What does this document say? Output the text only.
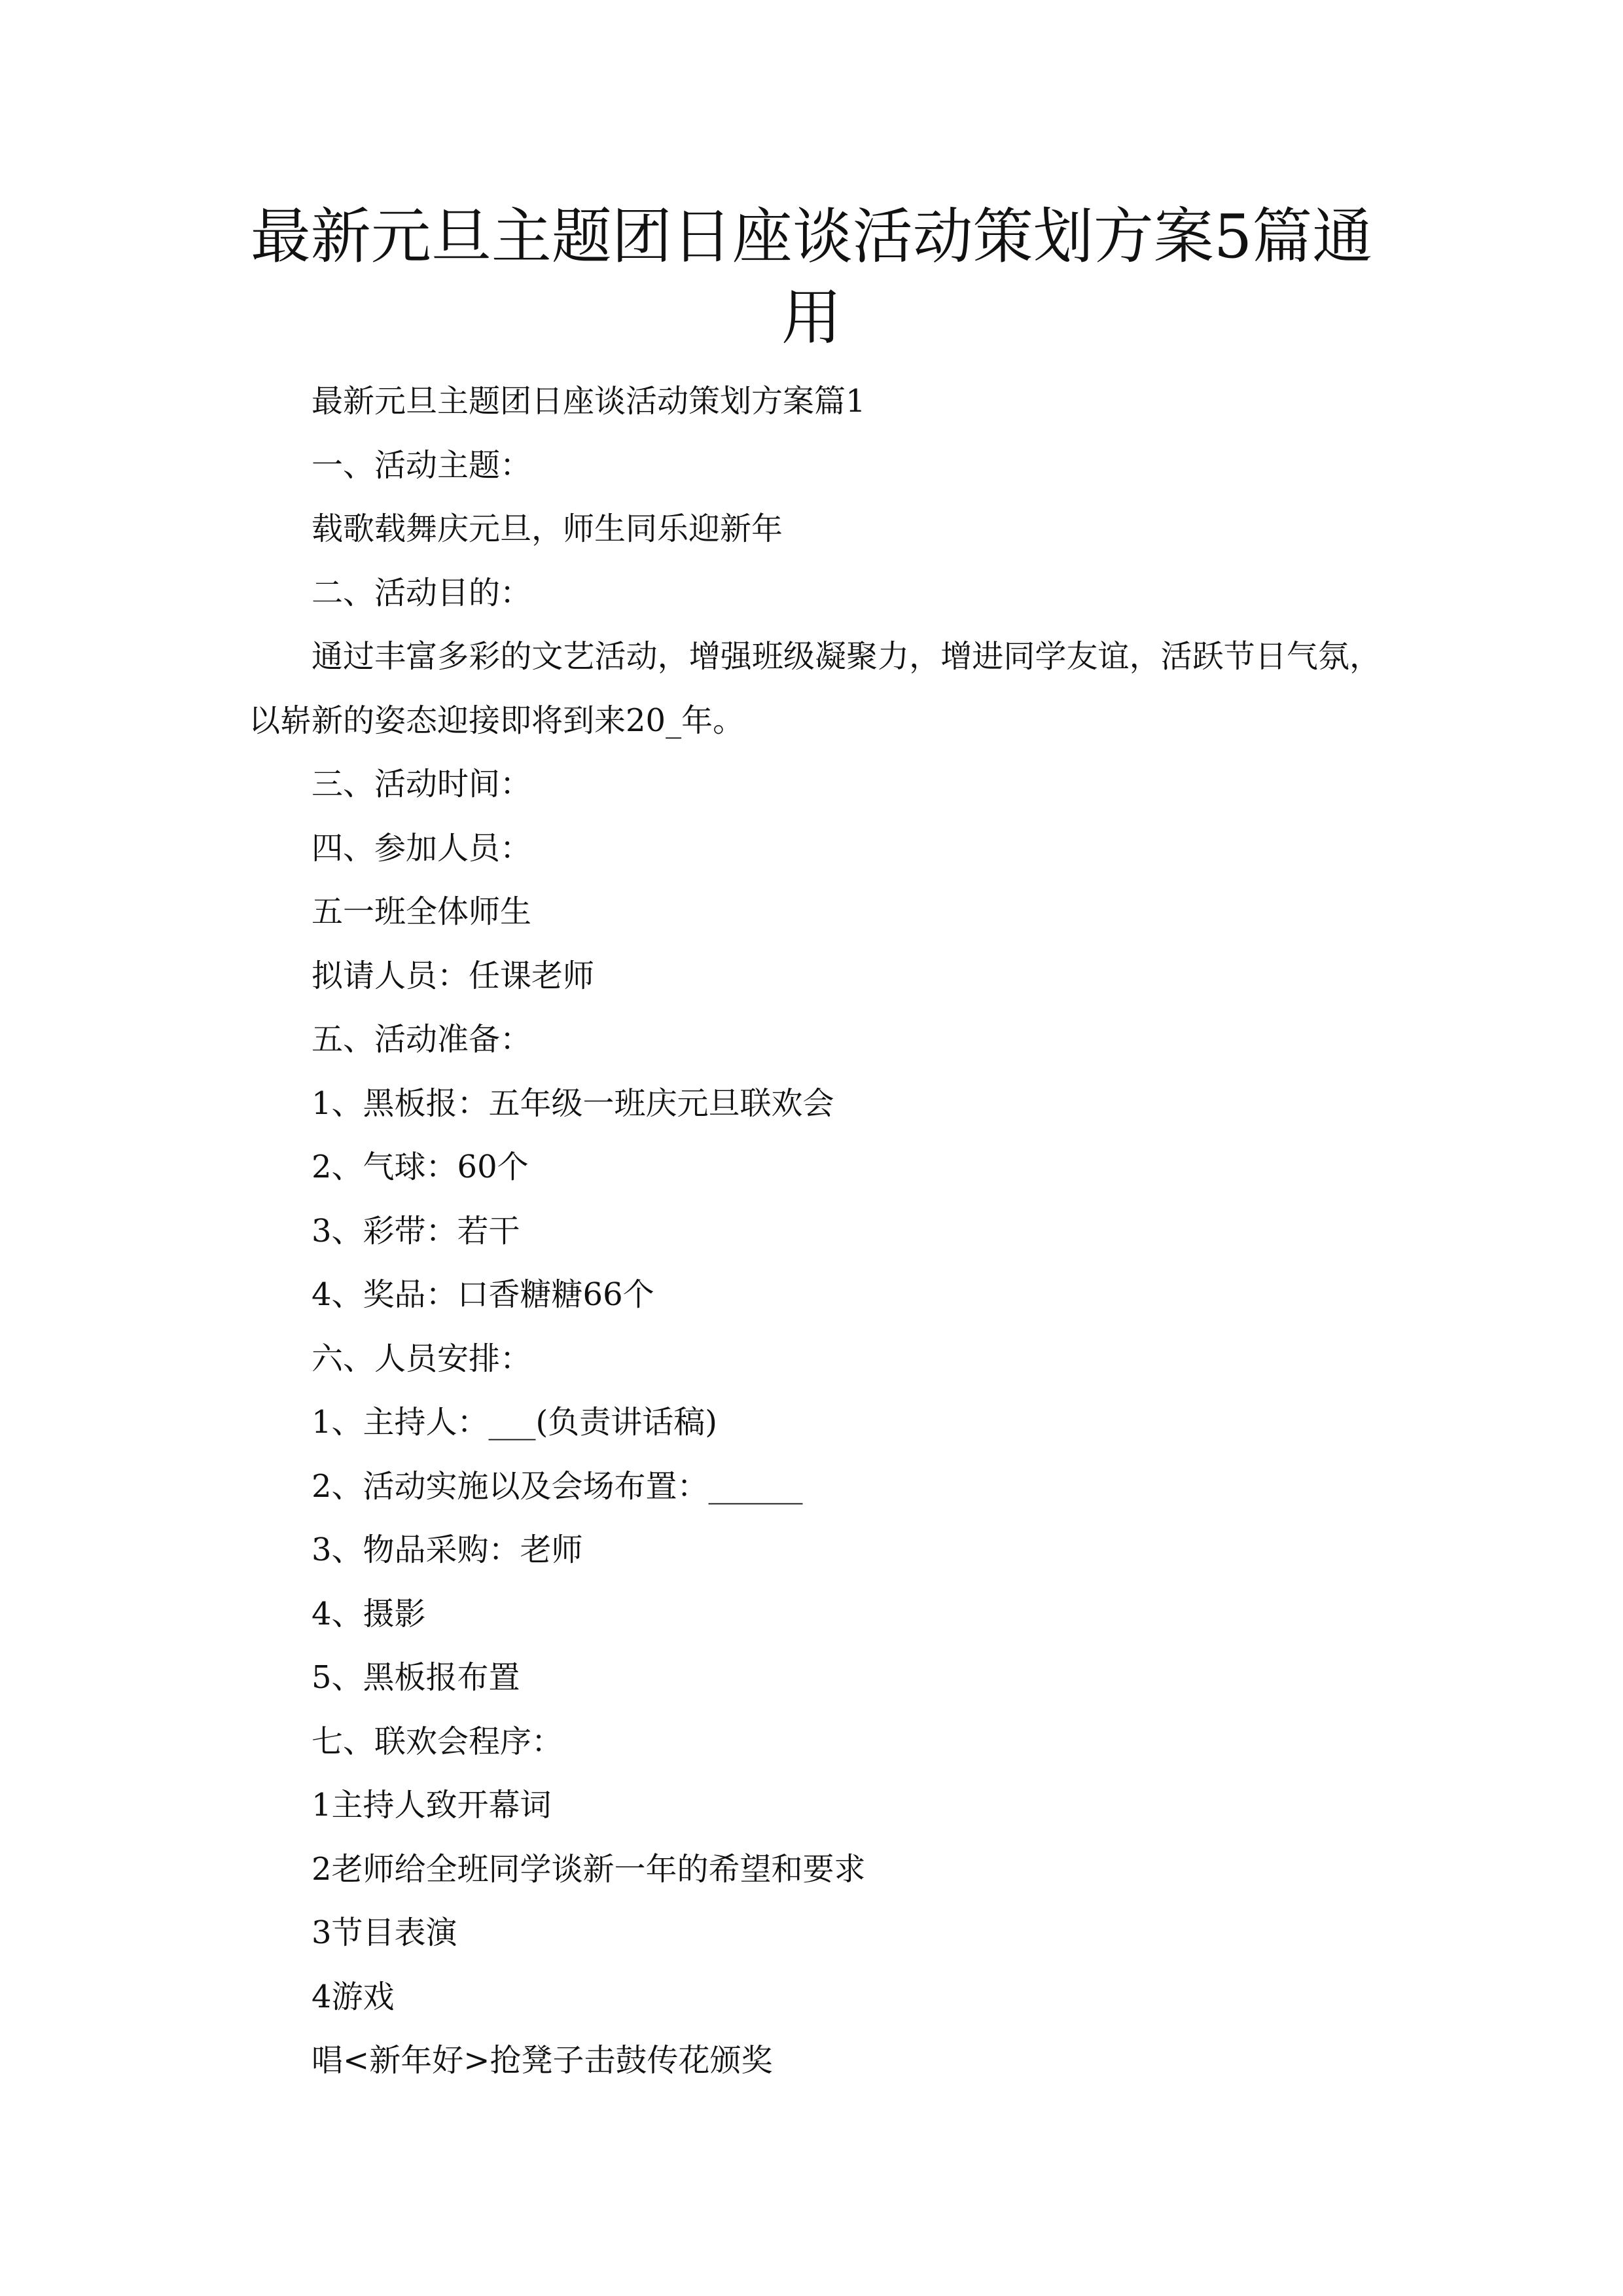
最新元旦主题团日座谈活动策划方案5篇通用

最新元旦主题团日座谈活动策划方案篇1

一、活动主题：

载歌载舞庆元旦，师生同乐迎新年

二、活动目的：

通过丰富多彩的文艺活动，增强班级凝聚力，增进同学友谊，活跃节日气氛，以崭新的姿态迎接即将到来20_年。

三、活动时间：

四、参加人员：

五一班全体师生

拟请人员：任课老师

五、活动准备：

1、黑板报：五年级一班庆元旦联欢会

2、气球：60个

3、彩带：若干

4、奖品：口香糖糖66个

六、人员安排：

1、主持人：___(负责讲话稿)

2、活动实施以及会场布置：______

3、物品采购：老师

4、摄影

5、黑板报布置

七、联欢会程序：

1主持人致开幕词

2老师给全班同学谈新一年的希望和要求

3节目表演

4游戏

唱<新年好>抢凳子击鼓传花颁奖
